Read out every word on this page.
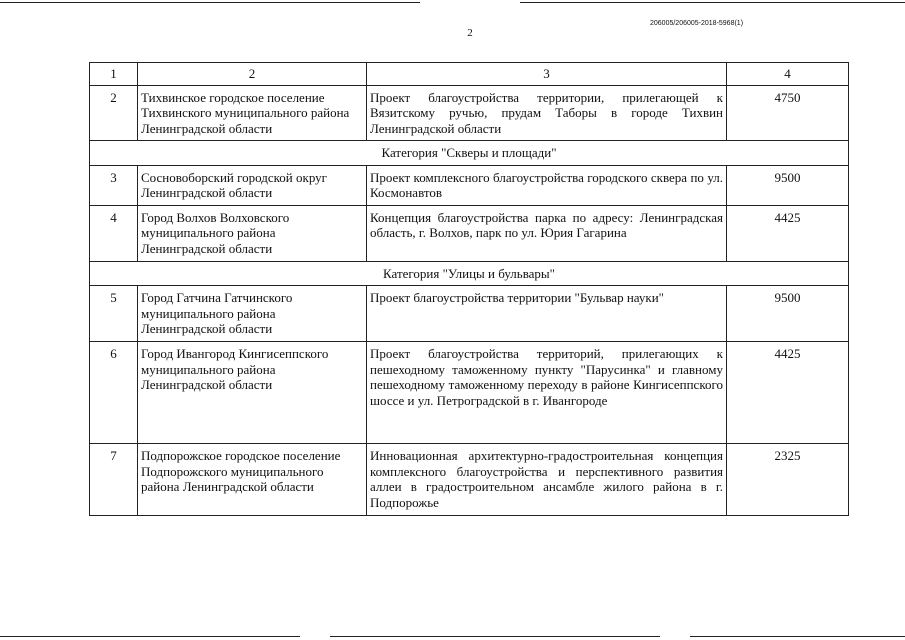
2
206005/206005-2018-5968(1)
1	2	3	4
2	Тихвинское городское поселение Тихвинского муниципального района Ленинградской области	Проект благоустройства территории, прилегающей к Вязитскому ручью, прудам Таборы в городе Тихвин Ленинградской области	4750
Категория "Скверы и площади"			
3	Сосновоборский городской округ Ленинградской области	Проект комплексного благоустройства городского сквера по ул. Космонавтов	9500
4	Город Волхов Волховского муниципального района Ленинградской области	Концепция благоустройства парка по адресу: Ленинградская область, г. Волхов, парк по ул. Юрия Гагарина	4425
Категория "Улицы и бульвары"			
5	Город Гатчина Гатчинского муниципального района Ленинградской области	Проект благоустройства территории "Бульвар науки"	9500
6	Город Ивангород Кингисеппского муниципального района Ленинградской области	Проект благоустройства территорий, прилегающих к пешеходному таможенному пункту "Парусинка" и главному пешеходному таможенному переходу в районе Кингисеппского шоссе и ул. Петроградской в г. Ивангороде	4425
7	Подпорожское городское поселение Подпорожского муниципального района Ленинградской области	Инновационная архитектурно-градостроительная концепция комплексного благоустройства и перспективного развития аллеи в градостроительном ансамбле жилого района в г. Подпорожье	2325
